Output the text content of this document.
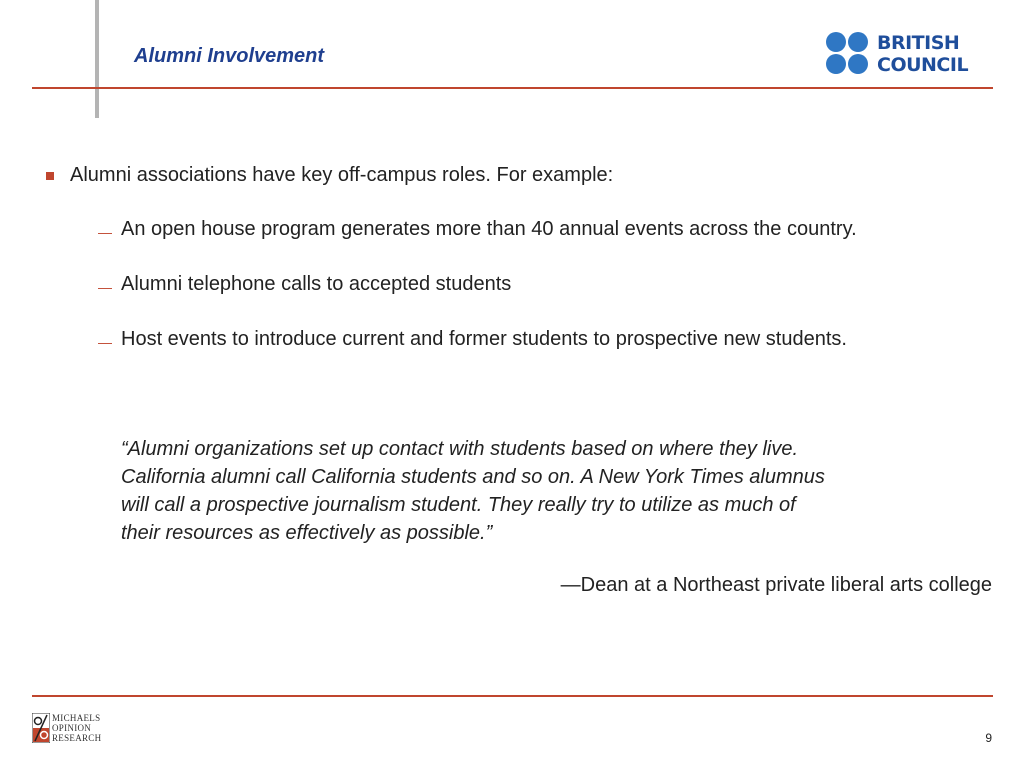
Alumni Involvement
BRITISH
COUNCIL
Alumni associations have key off-campus roles. For example:
— An open house program generates more than 40 annual events across the country.
— Alumni telephone calls to accepted students
— Host events to introduce current and former students to prospective new students.
“Alumni organizations set up contact with students based on where they live.
California alumni call California students and so on. A New York Times alumnus
will call a prospective journalism student. They really try to utilize as much of
their resources as effectively as possible.”
—Dean at a Northeast private liberal arts college
MICHAELS
OPINION
RESEARCH	9
